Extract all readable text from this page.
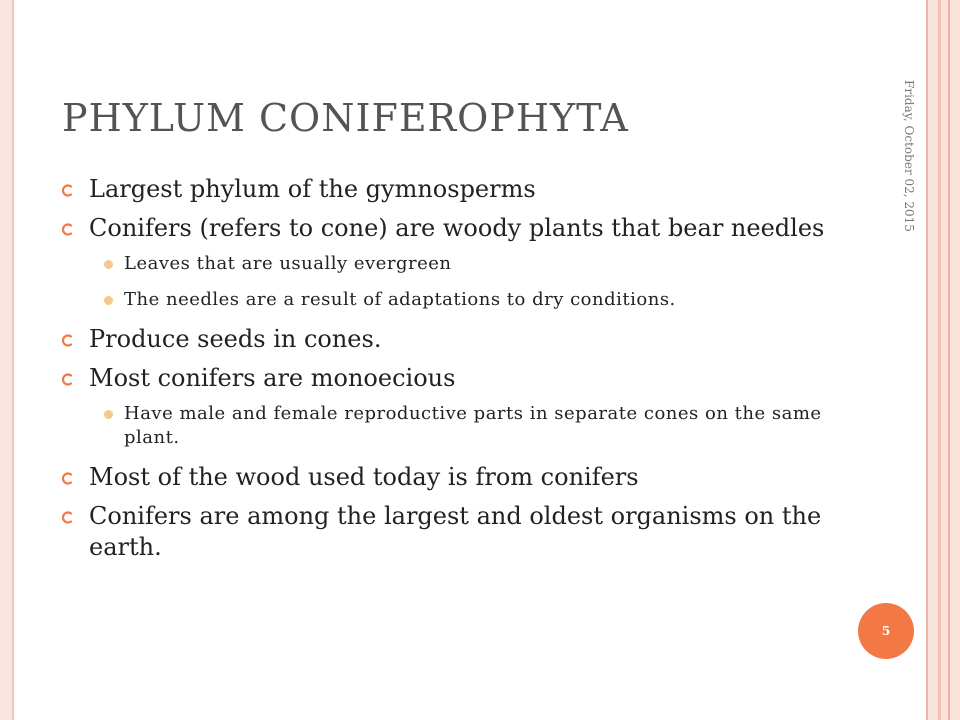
PHYLUM CONIFEROPHYTA	Friday, October 02, 2015
5
Largest phylum of the gymnosperms
Conifers (refers to cone) are woody plants that bear needles
Leaves that are usually evergreen
The needles are a result of adaptations to dry conditions.
Produce seeds in cones.
Most conifers are monoecious
Have male and female reproductive parts in separate cones on the same plant.
Most of the wood used today is from conifers
Conifers are among the largest and oldest organisms on the earth.
